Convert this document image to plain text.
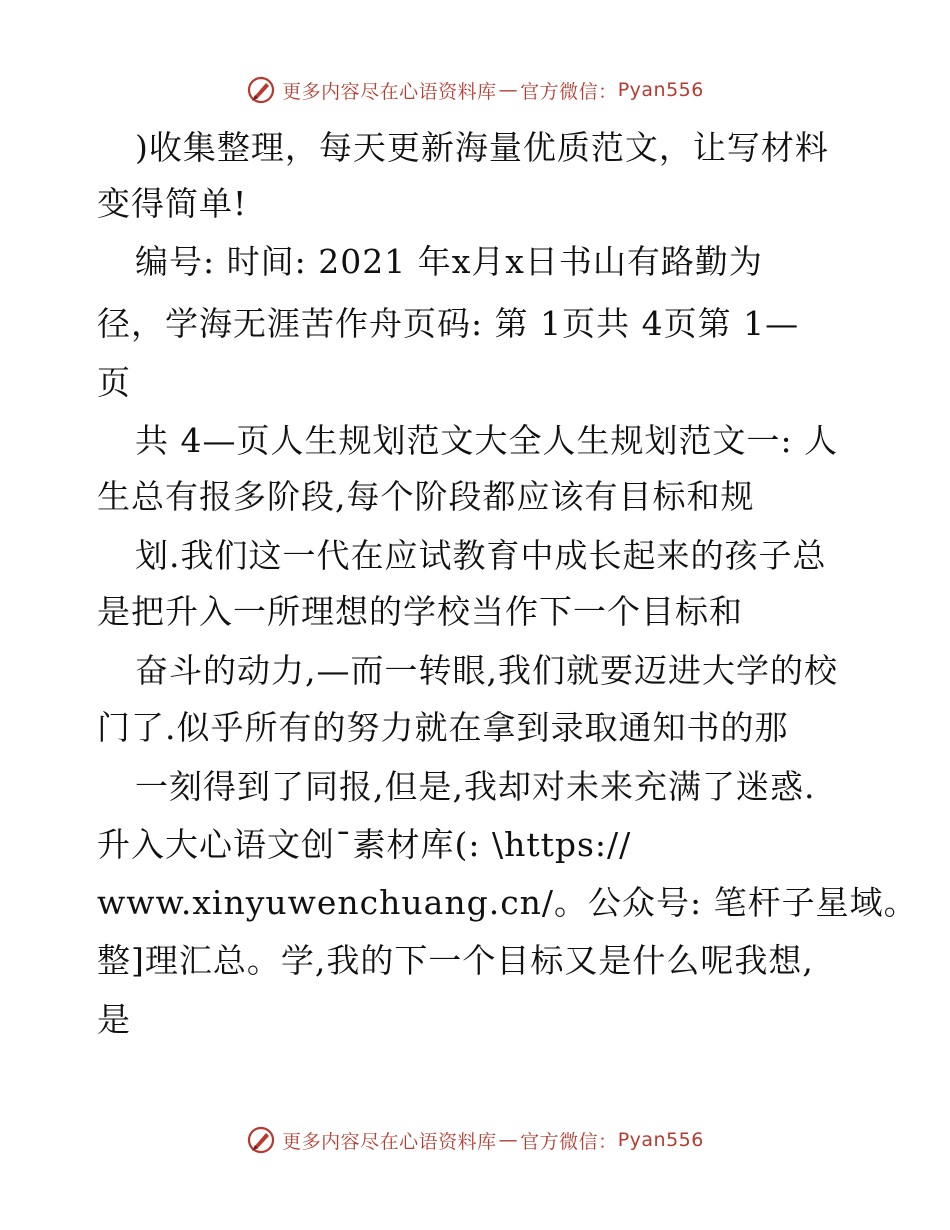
更多内容尽在心语资料库 — 官方微信： Pyan556
)收集整理，每天更新海量优质范文，让写材料
变得简单!
编号: 时间: 2021 年x月x日书山有路勤为
径，学海无涯苦作舟页码: 第 1页共 4页第 1—
页
共 4—页人生规划范文大全人生规划范文一: 人
生总有报多阶段,每个阶段都应该有目标和规
划.我们这一代在应试教育中成长起来的孩子总
是把升入一所理想的学校当作下一个目标和
奋斗的动力,—而一转眼,我们就要迈进大学的校
门了.似乎所有的努力就在拿到录取通知书的那
一刻得到了同报,但是,我却对未来充满了迷惑.
升入大心语文创¯素材库(: \https://
www.xinyuwenchuang.cn/。公众号: 笔杆子星域。
整]理汇总。学,我的下一个目标又是什么呢我想,
是
更多内容尽在心语资料库 — 官方微信： Pyan556
